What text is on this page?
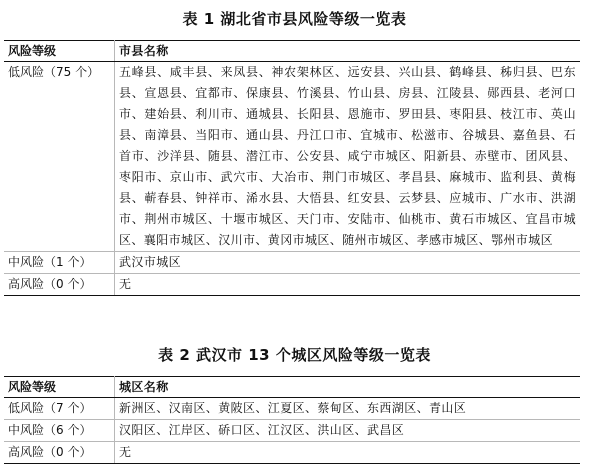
表 1 湖北省市县风险等级一览表
风险等级	市县名称
低风险（75 个）	五峰县、咸丰县、来凤县、神农架林区、远安县、兴山县、鹤峰县、秭归县、巴东县、宣恩县、宜都市、保康县、竹溪县、竹山县、房县、江陵县、郧西县、老河口市、建始县、利川市、通城县、长阳县、恩施市、罗田县、枣阳县、枝江市、英山县、南漳县、当阳市、通山县、丹江口市、宜城市、松滋市、谷城县、嘉鱼县、石首市、沙洋县、随县、潜江市、公安县、咸宁市城区、阳新县、赤壁市、团风县、枣阳市、京山市、武穴市、大冶市、荆门市城区、孝昌县、麻城市、监利县、黄梅县、蕲春县、钟祥市、浠水县、大悟县、红安县、云梦县、应城市、广水市、洪湖市、荆州市城区、十堰市城区、天门市、安陆市、仙桃市、黄石市城区、宜昌市城区、襄阳市城区、汉川市、黄冈市城区、随州市城区、孝感市城区、鄂州市城区
中风险（1 个）	武汉市城区
高风险（0 个）	无
表 2 武汉市 13 个城区风险等级一览表
风险等级	城区名称
低风险（7 个）	新洲区、汉南区、黄陂区、江夏区、蔡甸区、东西湖区、青山区
中风险（6 个）	汉阳区、江岸区、硚口区、江汉区、洪山区、武昌区
高风险（0 个）	无
